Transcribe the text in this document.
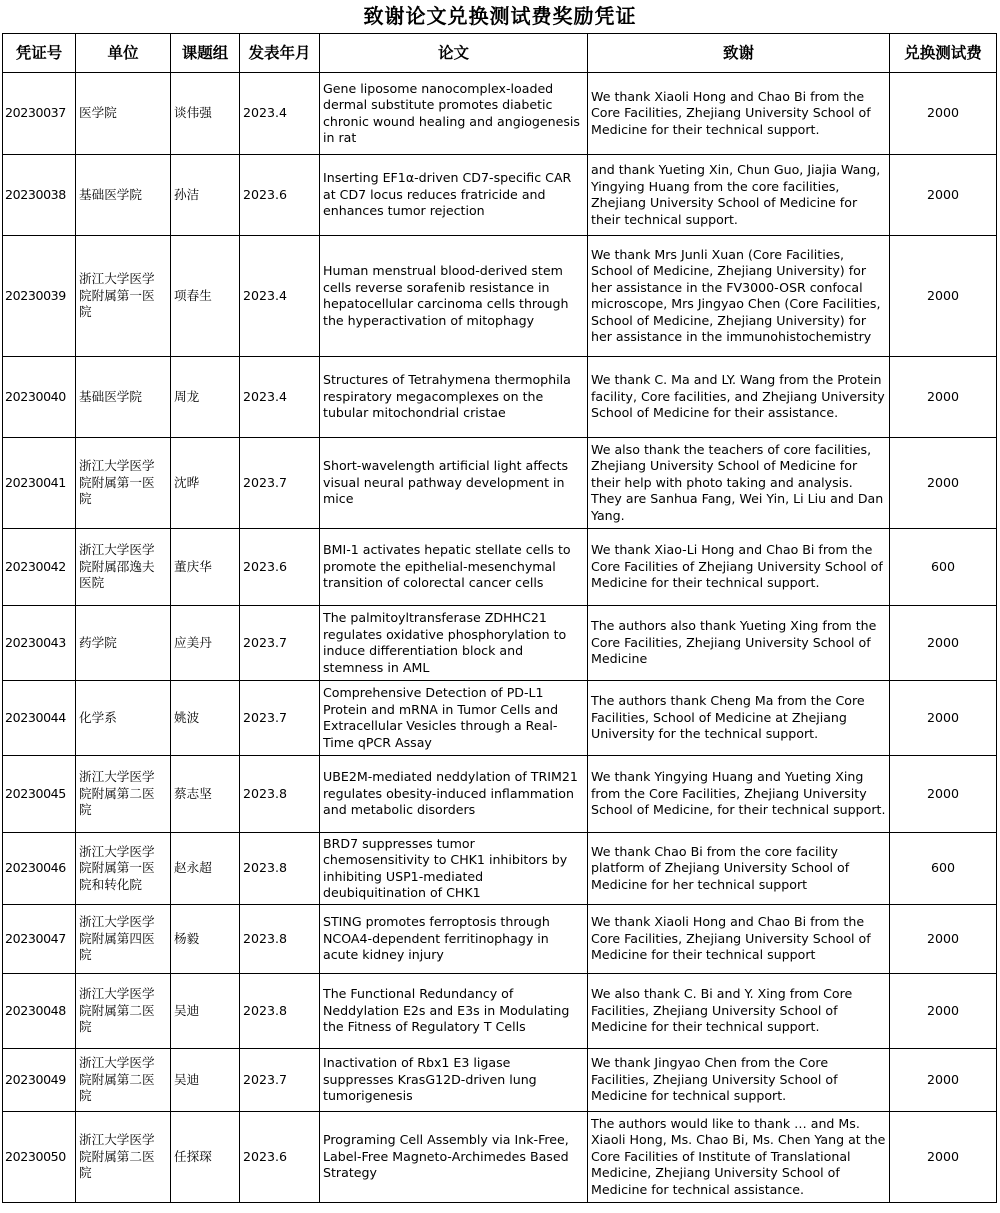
致谢论文兑换测试费奖励凭证
凭证号	单位	课题组	发表年月	论文	致谢	兑换测试费
20230037	医学院	谈伟强	2023.4	Gene liposome nanocomplex-loaded dermal substitute promotes diabetic chronic wound healing and angiogenesis in rat	We thank Xiaoli Hong and Chao Bi from the Core Facilities, Zhejiang University School of Medicine for their technical support.	2000
20230038	基础医学院	孙洁	2023.6	Inserting EF1α-driven CD7-specific CAR at CD7 locus reduces fratricide and enhances tumor rejection	and thank Yueting Xin, Chun Guo, Jiajia Wang, Yingying Huang from the core facilities, Zhejiang University School of Medicine for their technical support.	2000
20230039	浙江大学医学院附属第一医院	项春生	2023.4	Human menstrual blood-derived stem cells reverse sorafenib resistance in hepatocellular carcinoma cells through the hyperactivation of mitophagy	We thank Mrs Junli Xuan (Core Facilities, School of Medicine, Zhejiang University) for her assistance in the FV3000-OSR confocal microscope, Mrs Jingyao Chen (Core Facilities, School of Medicine, Zhejiang University) for her assistance in the immunohistochemistry	2000
20230040	基础医学院	周龙	2023.4	Structures of Tetrahymena thermophila respiratory megacomplexes on the tubular mitochondrial cristae	We thank C. Ma and LY. Wang from the Protein facility, Core facilities, and Zhejiang University School of Medicine for their assistance.	2000
20230041	浙江大学医学院附属第一医院	沈晔	2023.7	Short-wavelength artificial light affects visual neural pathway development in mice	We also thank the teachers of core facilities, Zhejiang University School of Medicine for their help with photo taking and analysis. They are Sanhua Fang, Wei Yin, Li Liu and Dan Yang.	2000
20230042	浙江大学医学院附属邵逸夫医院	董庆华	2023.6	BMI-1 activates hepatic stellate cells to promote the epithelial-mesenchymal transition of colorectal cancer cells	We thank Xiao-Li Hong and Chao Bi from the Core Facilities of Zhejiang University School of Medicine for their technical support.	600
20230043	药学院	应美丹	2023.7	The palmitoyltransferase ZDHHC21 regulates oxidative phosphorylation to induce differentiation block and stemness in AML	The authors also thank Yueting Xing from the Core Facilities, Zhejiang University School of Medicine	2000
20230044	化学系	姚波	2023.7	Comprehensive Detection of PD-L1 Protein and mRNA in Tumor Cells and Extracellular Vesicles through a Real-Time qPCR Assay	The authors thank Cheng Ma from the Core Facilities, School of Medicine at Zhejiang University for the technical support.	2000
20230045	浙江大学医学院附属第二医院	蔡志坚	2023.8	UBE2M-mediated neddylation of TRIM21 regulates obesity-induced inflammation and metabolic disorders	We thank Yingying Huang and Yueting Xing from the Core Facilities, Zhejiang University School of Medicine, for their technical support.	2000
20230046	浙江大学医学院附属第一医院和转化院	赵永超	2023.8	BRD7 suppresses tumor chemosensitivity to CHK1 inhibitors by inhibiting USP1-mediated deubiquitination of CHK1	We thank Chao Bi from the core facility platform of Zhejiang University School of Medicine for her technical support	600
20230047	浙江大学医学院附属第四医院	杨毅	2023.8	STING promotes ferroptosis through NCOA4-dependent ferritinophagy in acute kidney injury	We thank Xiaoli Hong and Chao Bi from the Core Facilities, Zhejiang University School of Medicine for their technical support	2000
20230048	浙江大学医学院附属第二医院	吴迪	2023.8	The Functional Redundancy of Neddylation E2s and E3s in Modulating the Fitness of Regulatory T Cells	We also thank C. Bi and Y. Xing from Core Facilities, Zhejiang University School of Medicine for their technical support.	2000
20230049	浙江大学医学院附属第二医院	吴迪	2023.7	Inactivation of Rbx1 E3 ligase suppresses KrasG12D-driven lung tumorigenesis	We thank Jingyao Chen from the Core Facilities, Zhejiang University School of Medicine for technical support.	2000
20230050	浙江大学医学院附属第二医院	任探琛	2023.6	Programing Cell Assembly via Ink-Free, Label-Free Magneto-Archimedes Based Strategy	The authors would like to thank … and Ms. Xiaoli Hong, Ms. Chao Bi, Ms. Chen Yang at the Core Facilities of Institute of Translational Medicine, Zhejiang University School of Medicine for technical assistance.	2000
